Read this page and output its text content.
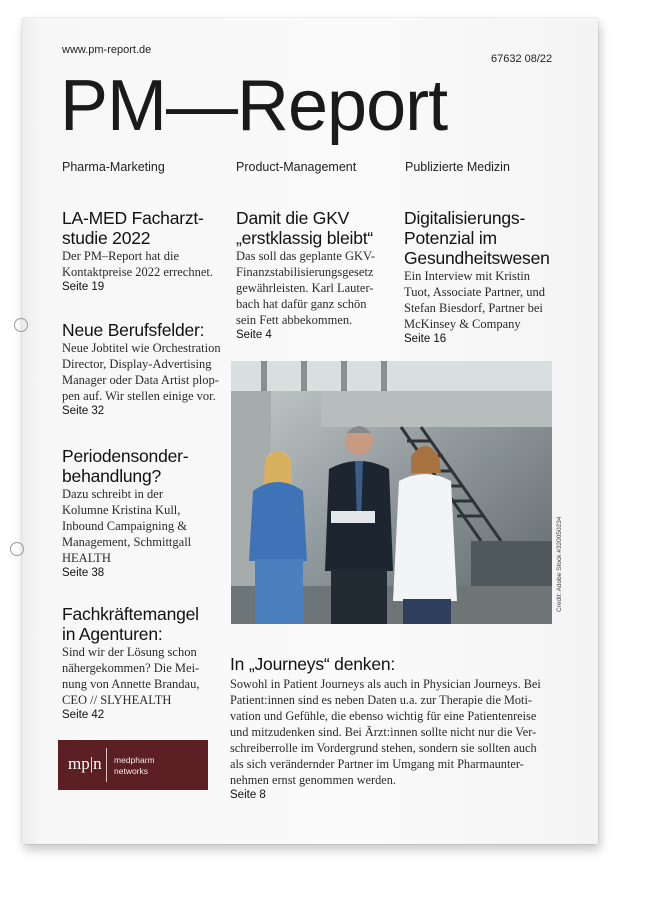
www.pm-report.de
67632 08/22
PM—Report
Pharma-Marketing	Product-Management	Publizierte Medizin
LA-MED Facharzt-
studie 2022
Der PM–Report hat die
Kontaktpreise 2022 errechnet.
Seite 19
Damit die GKV
„erstklassig bleibt“
Das soll das geplante GKV-
Finanzstabilisierungsgesetz
gewährleisten. Karl Lauter-
bach hat dafür ganz schön
sein Fett abbekommen.
Seite 4
Digitalisierungs-
Potenzial im
Gesundheitswesen
Ein Interview mit Kristin
Tuot, Associate Partner, und
Stefan Biesdorf, Partner bei
McKinsey & Company
Seite 16
Neue Berufsfelder:
Neue Jobtitel wie Orchestration
Director, Display-Advertising
Manager oder Data Artist plop-
pen auf. Wir stellen einige vor.
Seite 32
Periodensonder-
behandlung?
Dazu schreibt in der
Kolumne Kristina Kull,
Inbound Campaigning &
Management, Schmittgall
HEALTH
Seite 38
Fachkräftemangel
in Agenturen:
Sind wir der Lösung schon
nähergekommen? Die Mei-
nung von Annette Brandau,
CEO // SLYHEALTH
Seite 42
Credit: Adobe Stock #320050234
In „Journeys“ denken:
Sowohl in Patient Journeys als auch in Physician Journeys. Bei
Patient:innen sind es neben Daten u.a. zur Therapie die Moti-
vation und Gefühle, die ebenso wichtig für eine Patientenreise
und mitzudenken sind. Bei Ärzt:innen sollte nicht nur die Ver-
schreiberrolle im Vordergrund stehen, sondern sie sollten auch
als sich verändernder Partner im Umgang mit Pharmaunter-
nehmen ernst genommen werden.
Seite 8
mp|n medpharm
networks
